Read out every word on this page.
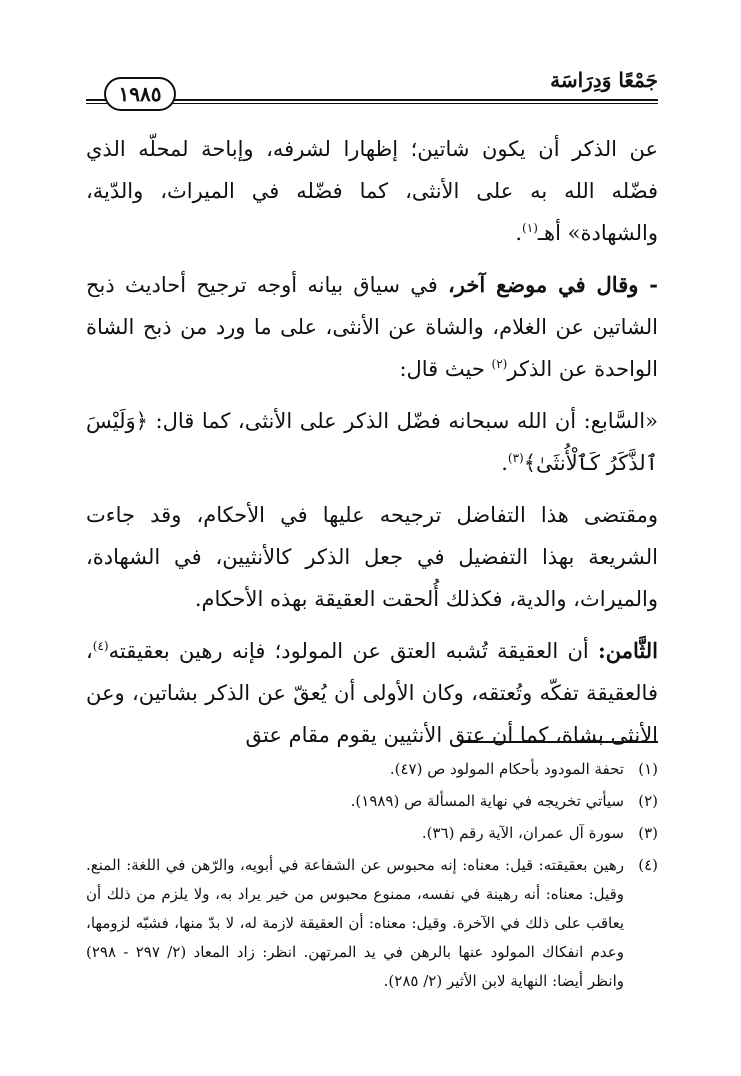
١٩٨٥
جَمْعًا وَدِرَاسَة

عن الذكر أن يكون شاتين؛ إظهارا لشرفه، وإباحة لمحلّه الذي فضّله الله به على الأنثى، كما فضّله في الميراث، والدّية، والشهادة» أهـ$^{(١)}$.

- وقال في موضع آخر، في سياق بيانه أوجه ترجيح أحاديث ذبح الشاتين عن الغلام، والشاة عن الأنثى، على ما ورد من ذبح الشاة الواحدة عن الذكر$^{(٢)}$ حيث قال:

«السَّابع: أن الله سبحانه فضّل الذكر على الأنثى، كما قال: ﴿وَلَيْسَ ٱلذَّكَرُ كَٱلْأُنثَىٰ﴾$^{(٣)}$.

ومقتضى هذا التفاضل ترجيحه عليها في الأحكام، وقد جاءت الشريعة بهذا التفضيل في جعل الذكر كالأنثيين، في الشهادة، والميراث، والدية، فكذلك أُلحقت العقيقة بهذه الأحكام.

الثَّامن: أن العقيقة تُشبه العتق عن المولود؛ فإنه رهين بعقيقته$^{(٤)}$، فالعقيقة تفكّه وتُعتقه، وكان الأولى أن يُعقّ عن الذكر بشاتين، وعن الأنثى بشاة، كما أن عتق الأنثيين يقوم مقام عتق

(١)
تحفة المودود بأحكام المولود ص (٤٧).
(٢)
سيأتي تخريجه في نهاية المسألة ص (١٩٨٩).
(٣)
سورة آل عمران، الآية رقم (٣٦).
(٤)
رهين بعقيقته: قيل: معناه: إنه محبوس عن الشفاعة في أبويه، والرّهن في اللغة: المنع. وقيل: معناه: أنه رهينة في نفسه، ممنوع محبوس من خير يراد به، ولا يلزم من ذلك أن يعاقب على ذلك في الآخرة. وقيل: معناه: أن العقيقة لازمة له، لا بدّ منها، فشبّه لزومها، وعدم انفكاك المولود عنها بالرهن في يد المرتهن. انظر: زاد المعاد (٢/ ٢٩٧ - ٢٩٨) وانظر أيضا: النهاية لابن الأثير (٢/ ٢٨٥).
